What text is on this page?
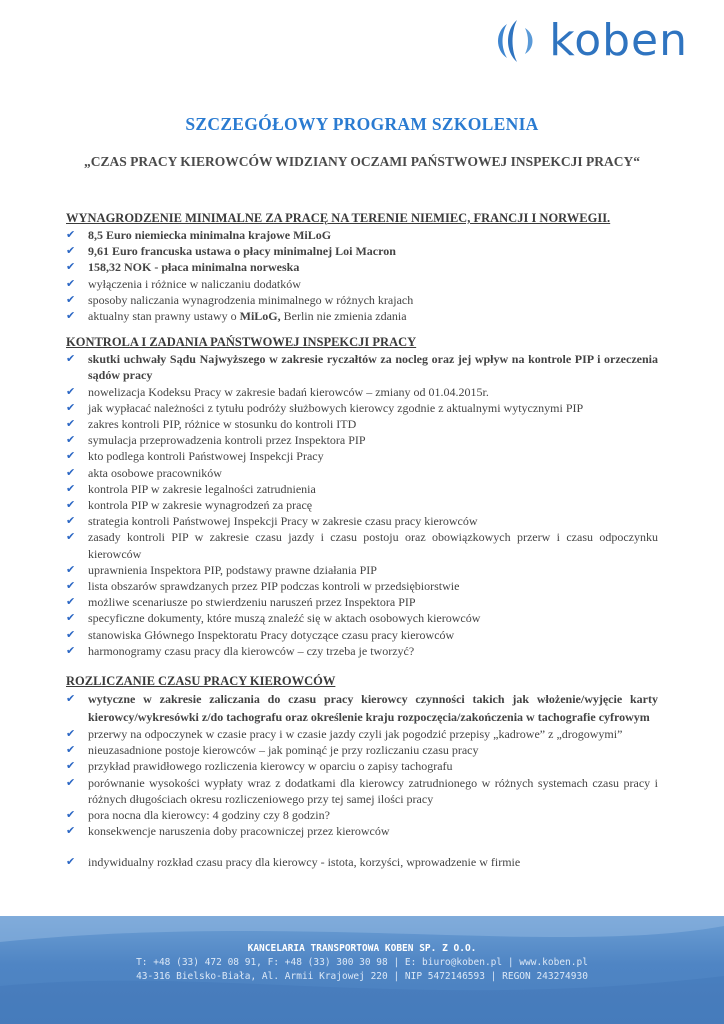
koben
SZCZEGÓŁOWY PROGRAM SZKOLENIA
„CZAS PRACY KIEROWCÓW WIDZIANY OCZAMI PAŃSTWOWEJ INSPEKCJI PRACY“
WYNAGRODZENIE MINIMALNE ZA PRACĘ NA TERENIE NIEMIEC, FRANCJI I NORWEGII.
✔ 8,5 Euro niemiecka minimalna krajowe MiLoG
✔ 9,61 Euro francuska ustawa o płacy minimalnej Loi Macron
✔ 158,32 NOK - płaca minimalna norweska
✔ wyłączenia i różnice w naliczaniu dodatków
✔ sposoby naliczania wynagrodzenia minimalnego w różnych krajach
✔ aktualny stan prawny ustawy o MiLoG, Berlin nie zmienia zdania
KONTROLA I ZADANIA PAŃSTWOWEJ INSPEKCJI PRACY
✔ skutki uchwały Sądu Najwyższego w zakresie ryczałtów za nocleg oraz jej wpływ na kontrole PIP i orzeczenia sądów pracy
✔ nowelizacja Kodeksu Pracy w zakresie badań kierowców – zmiany od 01.04.2015r.
✔ jak wypłacać należności z tytułu podróży służbowych kierowcy zgodnie z aktualnymi wytycznymi PIP
✔ zakres kontroli PIP, różnice w stosunku do kontroli ITD
✔ symulacja przeprowadzenia kontroli przez Inspektora PIP
✔ kto podlega kontroli Państwowej Inspekcji Pracy
✔ akta osobowe pracowników
✔ kontrola PIP w zakresie legalności zatrudnienia
✔ kontrola PIP w zakresie wynagrodzeń za pracę
✔ strategia kontroli Państwowej Inspekcji Pracy w zakresie czasu pracy kierowców
✔ zasady kontroli PIP w zakresie czasu jazdy i czasu postoju oraz obowiązkowych przerw i czasu odpoczynku kierowców
✔ uprawnienia Inspektora PIP, podstawy prawne działania PIP
✔ lista obszarów sprawdzanych przez PIP podczas kontroli w przedsiębiorstwie
✔ możliwe scenariusze po stwierdzeniu naruszeń przez Inspektora PIP
✔ specyficzne dokumenty, które muszą znaleźć się w aktach osobowych kierowców
✔ stanowiska Głównego Inspektoratu Pracy dotyczące czasu pracy kierowców
✔ harmonogramy czasu pracy dla kierowców – czy trzeba je tworzyć?
ROZLICZANIE CZASU PRACY KIEROWCÓW
✔ wytyczne w zakresie zaliczania do czasu pracy kierowcy czynności takich jak włożenie/wyjęcie karty kierowcy/wykresówki z/do tachografu oraz określenie kraju rozpoczęcia/zakończenia w tachografie cyfrowym
✔ przerwy na odpoczynek w czasie pracy i w czasie jazdy czyli jak pogodzić przepisy „kadrowe” z „drogowymi”
✔ nieuzasadnione postoje kierowców – jak pominąć je przy rozliczaniu czasu pracy
✔ przykład prawidłowego rozliczenia kierowcy w oparciu o zapisy tachografu
✔ porównanie wysokości wypłaty wraz z dodatkami dla kierowcy zatrudnionego w różnych systemach czasu pracy i różnych długościach okresu rozliczeniowego przy tej samej ilości pracy
✔ pora nocna dla kierowcy: 4 godziny czy 8 godzin?
✔ konsekwencje naruszenia doby pracowniczej przez kierowców
✔ indywidualny rozkład czasu pracy dla kierowcy - istota, korzyści, wprowadzenie w firmie
KANCELARIA TRANSPORTOWA KOBEN SP. Z O.O.
T: +48 (33) 472 08 91, F: +48 (33) 300 30 98 | E: biuro@koben.pl | www.koben.pl
43-316 Bielsko-Biała, Al. Armii Krajowej 220 | NIP 5472146593 | REGON 243274930
